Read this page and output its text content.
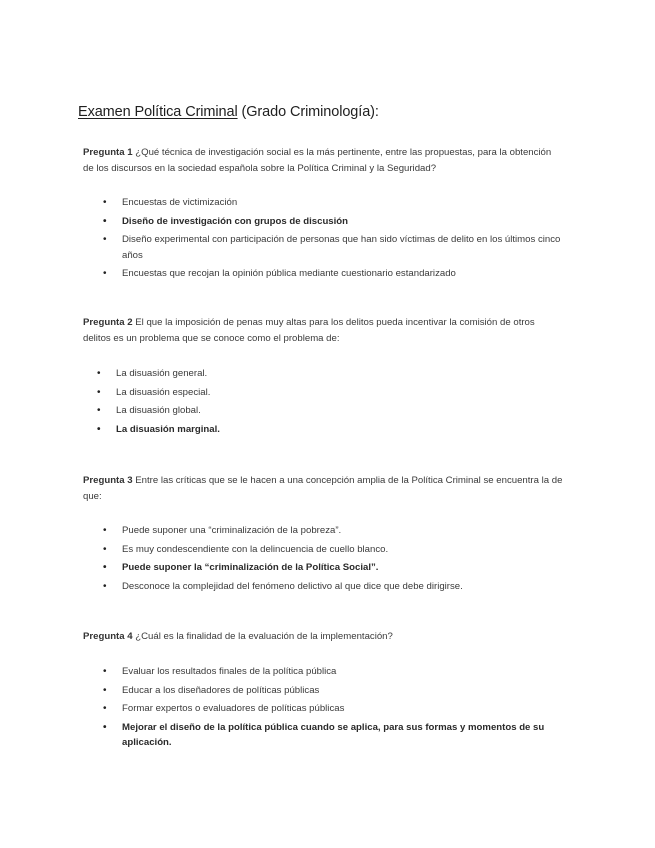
Examen Política Criminal (Grado Criminología):
Pregunta 1 ¿Qué técnica de investigación social es la más pertinente, entre las propuestas, para la obtención de los discursos en la sociedad española sobre la Política Criminal y la Seguridad?
• Encuestas de victimización
• Diseño de investigación con grupos de discusión
• Diseño experimental con participación de personas que han sido víctimas de delito en los últimos cinco años
• Encuestas que recojan la opinión pública mediante cuestionario estandarizado
Pregunta 2 El que la imposición de penas muy altas para los delitos pueda incentivar la comisión de otros delitos es un problema que se conoce como el problema de:
• La disuasión general.
• La disuasión especial.
• La disuasión global.
• La disuasión marginal.
Pregunta 3 Entre las críticas que se le hacen a una concepción amplia de la Política Criminal se encuentra la de que:
• Puede suponer una “criminalización de la pobreza”.
• Es muy condescendiente con la delincuencia de cuello blanco.
• Puede suponer la “criminalización de la Política Social”.
• Desconoce la complejidad del fenómeno delictivo al que dice que debe dirigirse.
Pregunta 4 ¿Cuál es la finalidad de la evaluación de la implementación?
• Evaluar los resultados finales de la política pública
• Educar a los diseñadores de políticas públicas
• Formar expertos o evaluadores de políticas públicas
• Mejorar el diseño de la política pública cuando se aplica, para sus formas y momentos de su aplicación.
